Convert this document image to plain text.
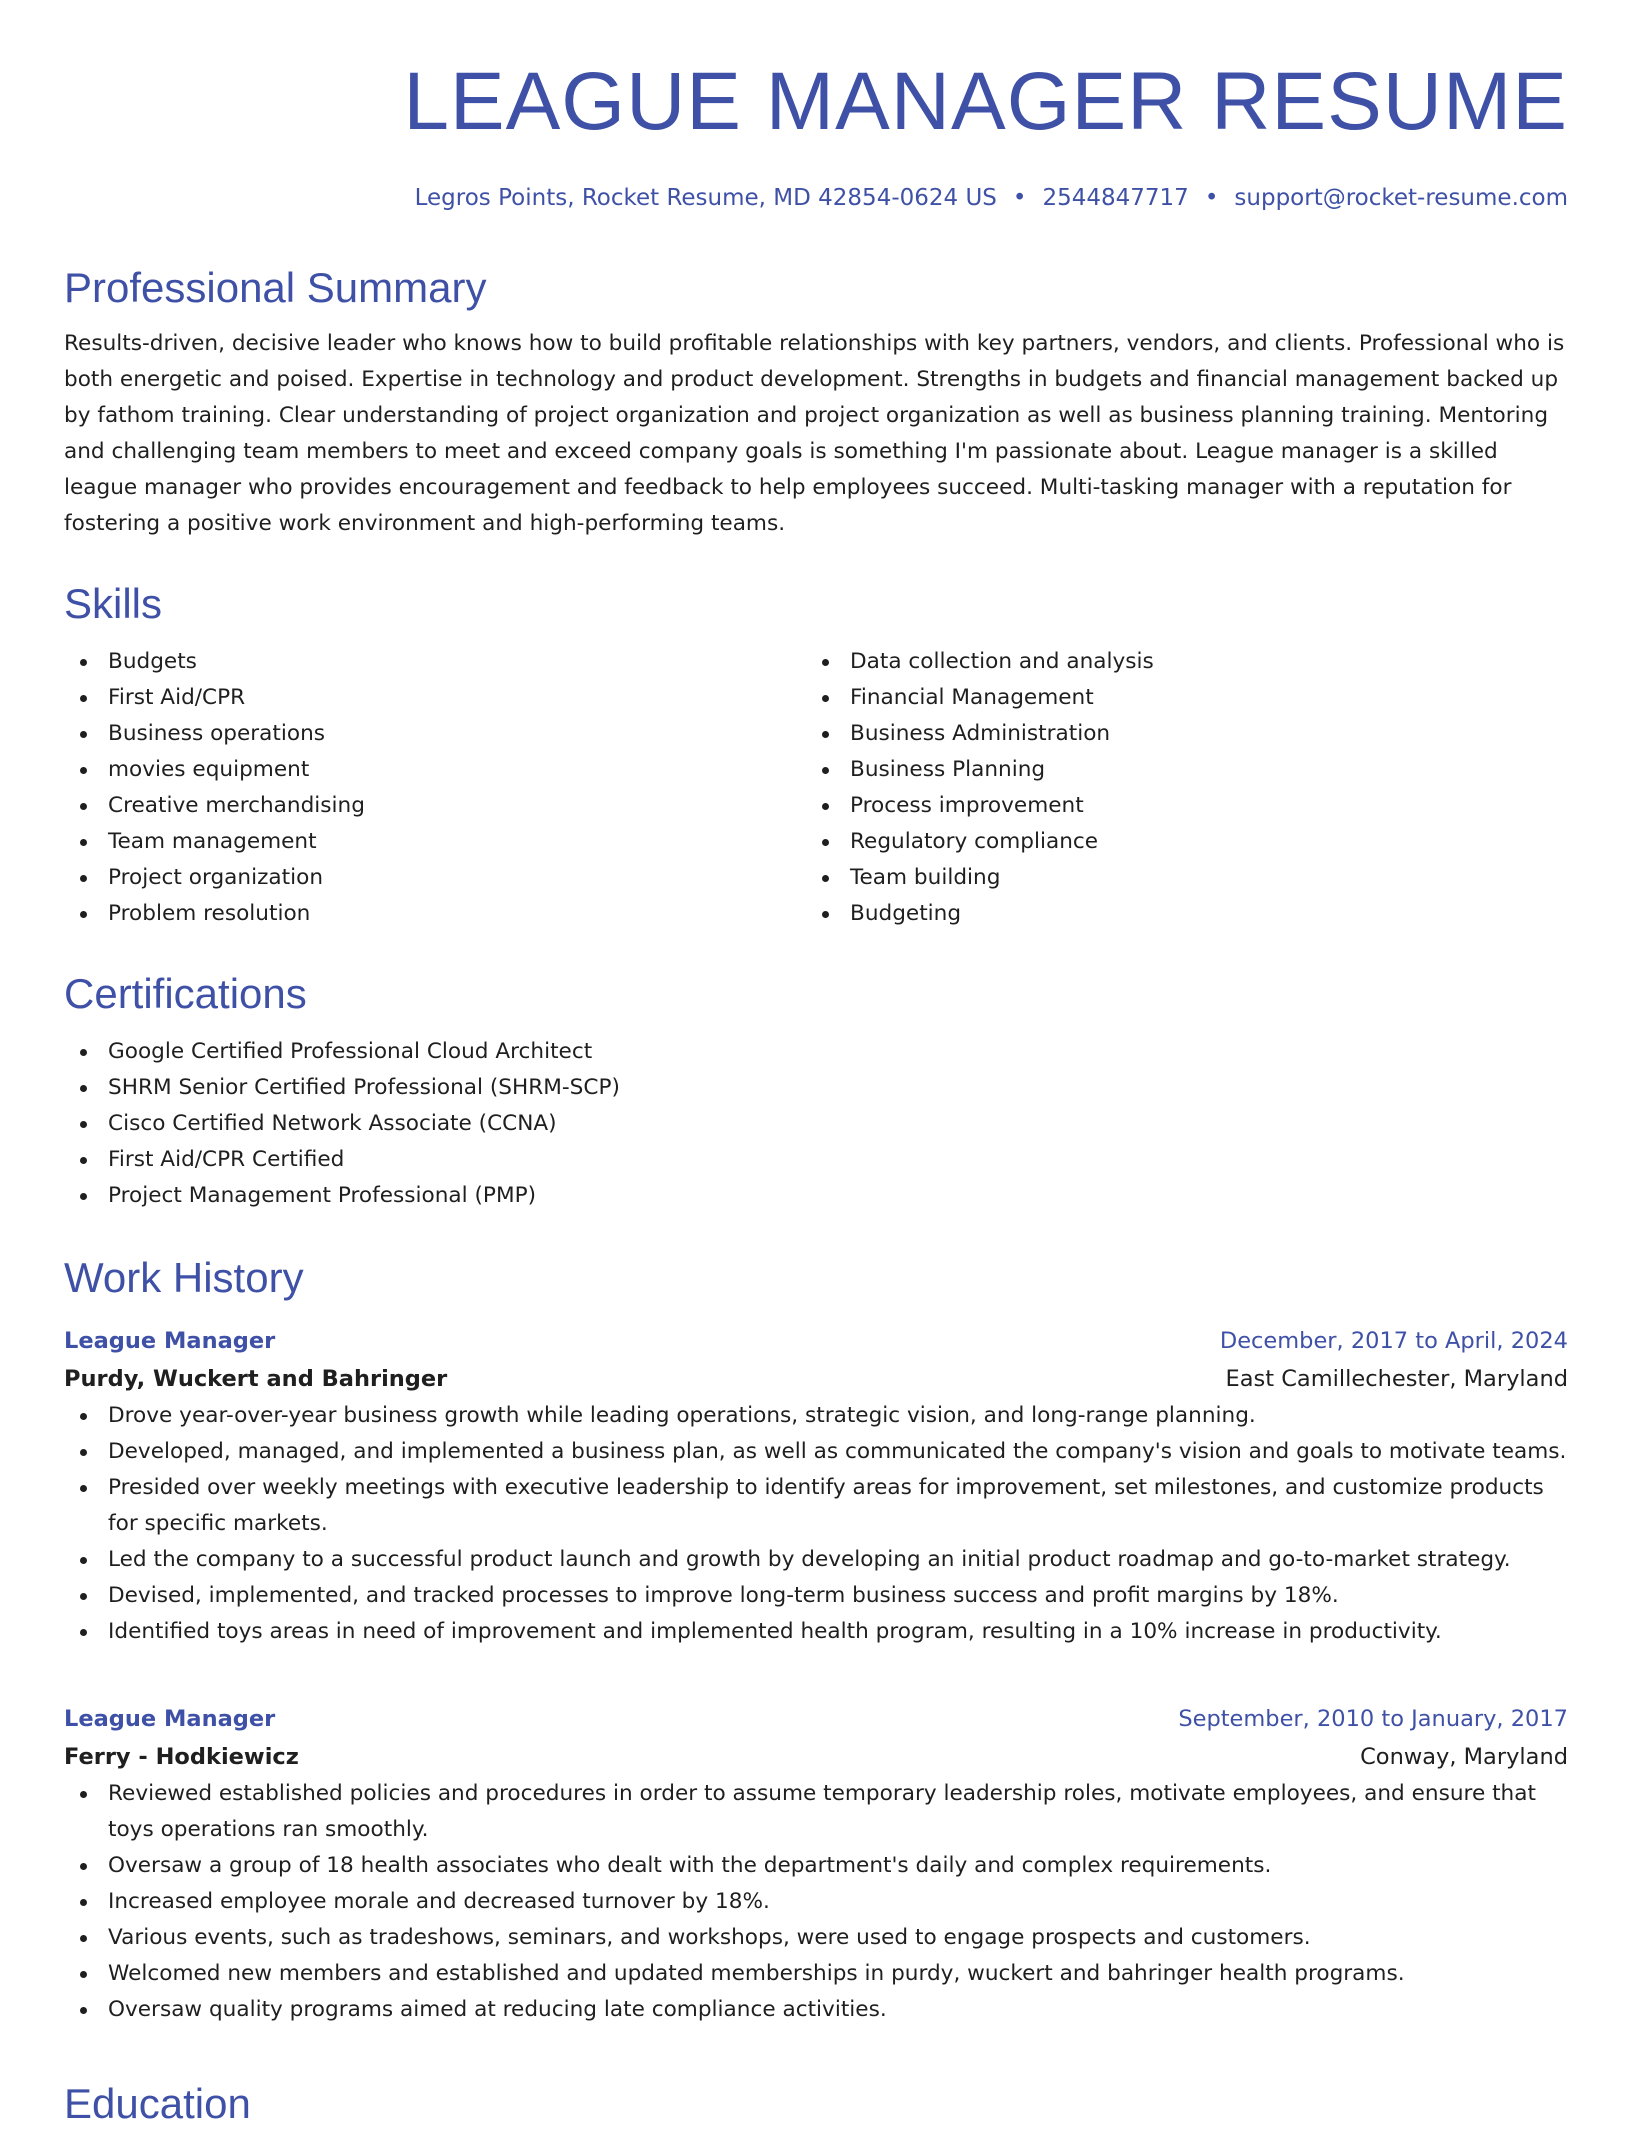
LEAGUE MANAGER RESUME
Legros Points, Rocket Resume, MD 42854-0624 US • 2544847717 • support@rocket-resume.com
Professional Summary

Results-driven, decisive leader who knows how to build profitable relationships with key partners, vendors, and clients. Professional who is both energetic and poised. Expertise in technology and product development. Strengths in budgets and financial management backed up by fathom training. Clear understanding of project organization and project organization as well as business planning training. Mentoring and challenging team members to meet and exceed company goals is something I'm passionate about. League manager is a skilled league manager who provides encouragement and feedback to help employees succeed. Multi-tasking manager with a reputation for fostering a positive work environment and high-performing teams.

Skills
Budgets
First Aid/CPR
Business operations
movies equipment
Creative merchandising
Team management
Project organization
Problem resolution
Data collection and analysis
Financial Management
Business Administration
Business Planning
Process improvement
Regulatory compliance
Team building
Budgeting
Certifications
Google Certified Professional Cloud Architect
SHRM Senior Certified Professional (SHRM-SCP)
Cisco Certified Network Associate (CCNA)
First Aid/CPR Certified
Project Management Professional (PMP)
Work History
League Manager	December, 2017 to April, 2024
Purdy, Wuckert and Bahringer	East Camillechester, Maryland
Drove year-over-year business growth while leading operations, strategic vision, and long-range planning.
Developed, managed, and implemented a business plan, as well as communicated the company's vision and goals to motivate teams.
Presided over weekly meetings with executive leadership to identify areas for improvement, set milestones, and customize products for specific markets.
Led the company to a successful product launch and growth by developing an initial product roadmap and go-to-market strategy.
Devised, implemented, and tracked processes to improve long-term business success and profit margins by 18%.
Identified toys areas in need of improvement and implemented health program, resulting in a 10% increase in productivity.
League Manager	September, 2010 to January, 2017
Ferry - Hodkiewicz	Conway, Maryland
Reviewed established policies and procedures in order to assume temporary leadership roles, motivate employees, and ensure that toys operations ran smoothly.
Oversaw a group of 18 health associates who dealt with the department's daily and complex requirements.
Increased employee morale and decreased turnover by 18%.
Various events, such as tradeshows, seminars, and workshops, were used to engage prospects and customers.
Welcomed new members and established and updated memberships in purdy, wuckert and bahringer health programs.
Oversaw quality programs aimed at reducing late compliance activities.
Education
